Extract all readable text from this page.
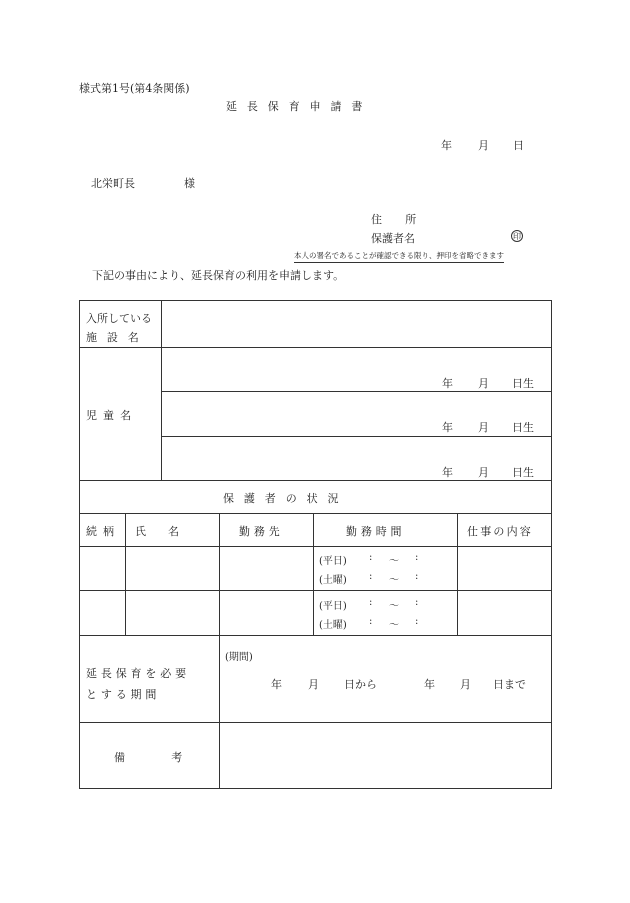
様式第1号(第4条関係)
延長保育申請書
年 月 日
北栄町長	様
住 所
保護者名	印
本人の署名であることが確認できる限り、押印を省略できます
下記の事由により、延長保育の利用を申請します。
入所している
施設名
児童名
年 月 日生
年 月 日生
年 月 日生
保護者の状況
続柄 氏　　名	勤務先	勤務時間	仕事の内容
(平日) : 〜 :
(土曜) : 〜 :
(平日) : 〜 :
(土曜) : 〜 :
延長保育を必要
とする期間
(期間)
年 月 日から	年 月 日まで
備　考
